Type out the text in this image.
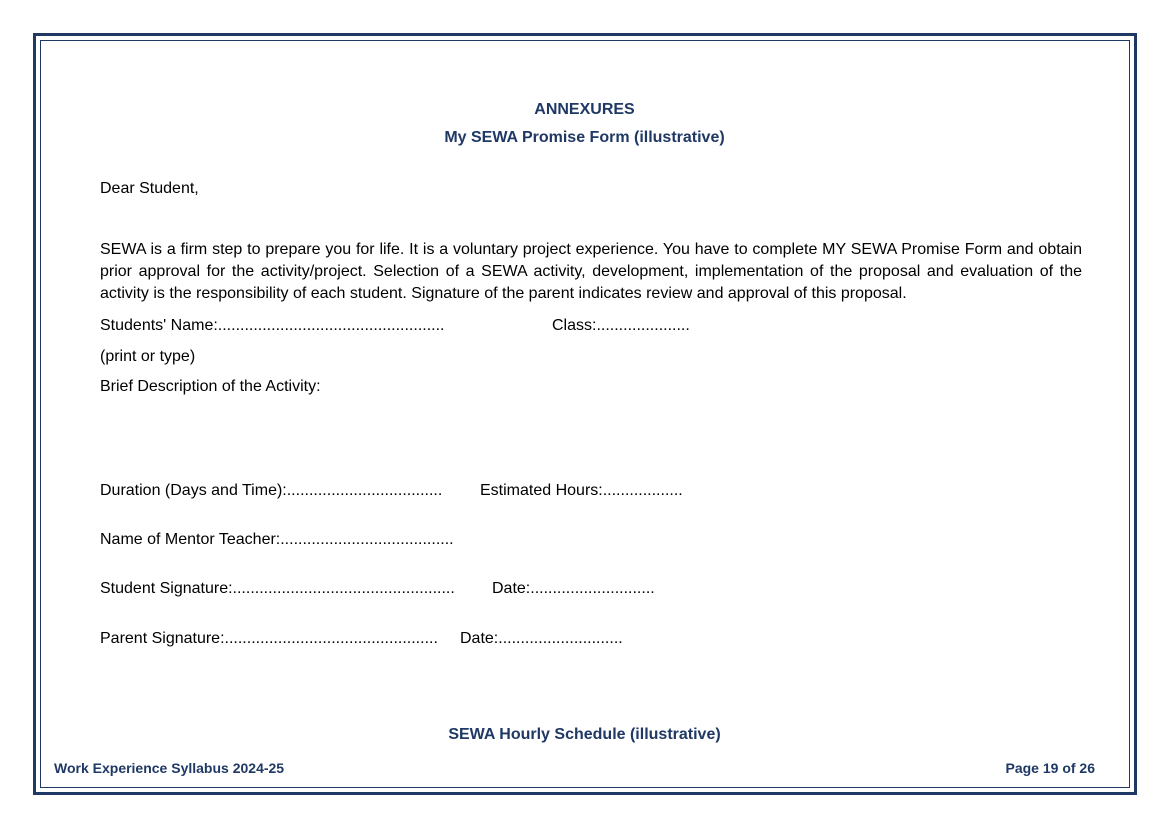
ANNEXURES

My SEWA Promise Form (illustrative)

Dear Student,

SEWA is a firm step to prepare you for life. It is a voluntary project experience. You have to complete MY SEWA Promise Form and obtain prior approval for the activity/project. Selection of a SEWA activity, development, implementation of the proposal and evaluation of the activity is the responsibility of each student. Signature of the parent indicates review and approval of this proposal.

Students' Name:...................................................	Class:.....................

(print or type)

Brief Description of the Activity:

Duration (Days and Time):................................... Estimated Hours:..................

Name of Mentor Teacher:.......................................

Student Signature:.................................................. Date:............................

Parent Signature:................................................ Date:............................

SEWA Hourly Schedule (illustrative)

Work Experience Syllabus 2024-25	Page 19 of 26
